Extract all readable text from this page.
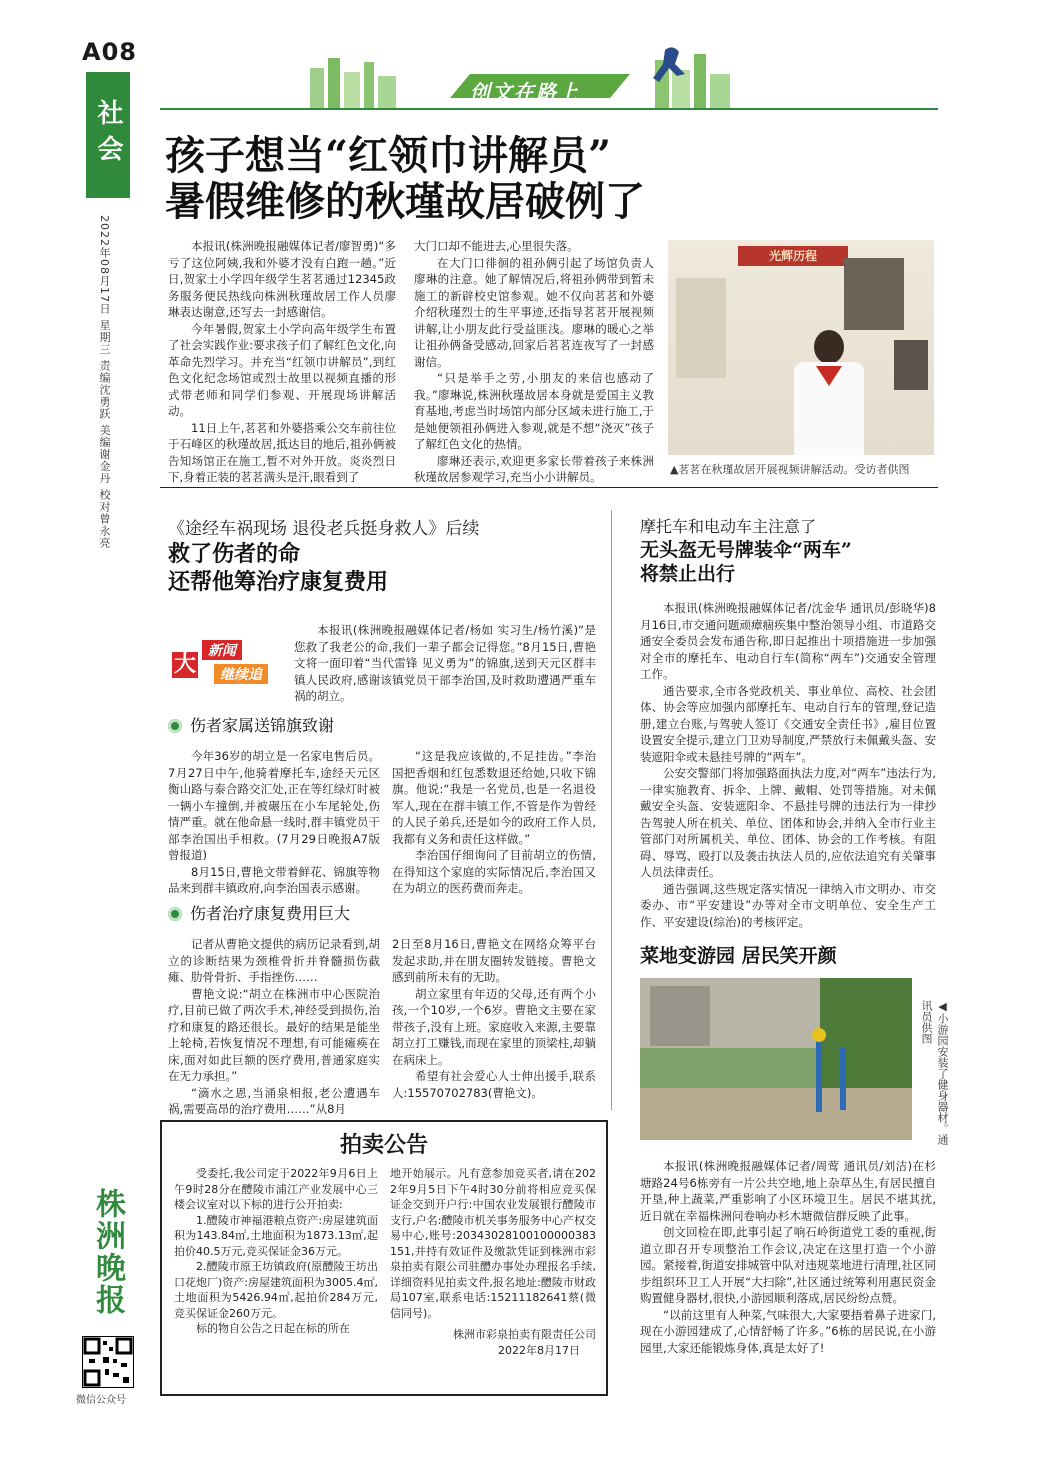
A08
社会
2022年08月17日 星期三 责编沈勇跃 美编谢金丹 校对曾永亮
株洲晚报
微信公众号
创文在路上
孩子想当“红领巾讲解员”
暑假维修的秋瑾故居破例了

本报讯(株洲晚报融媒体记者/廖智勇)“多亏了这位阿姨,我和外婆才没有白跑一趟。”近日,贺家土小学四年级学生茗茗通过12345政务服务便民热线向株洲秋瑾故居工作人员廖琳表达谢意,还写去一封感谢信。

今年暑假,贺家土小学向高年级学生布置了社会实践作业:要求孩子们了解红色文化,向革命先烈学习。并充当“红领巾讲解员”,到红色文化纪念场馆或烈士故里以视频直播的形式带老师和同学们参观、开展现场讲解活动。

11日上午,茗茗和外婆搭乘公交车前往位于石峰区的秋瑾故居,抵达目的地后,祖孙俩被告知场馆正在施工,暂不对外开放。炎炎烈日下,身着正装的茗茗满头是汗,眼看到了

大门口却不能进去,心里很失落。

在大门口徘徊的祖孙俩引起了场馆负责人廖琳的注意。她了解情况后,将祖孙俩带到暂未施工的新辟校史馆参观。她不仅向茗茗和外婆介绍秋瑾烈士的生平事迹,还指导茗茗开展视频讲解,让小朋友此行受益匪浅。廖琳的暖心之举让祖孙俩备受感动,回家后茗茗连夜写了一封感谢信。

“只是举手之劳,小朋友的来信也感动了我。”廖琳说,株洲秋瑾故居本身就是爱国主义教育基地,考虑当时场馆内部分区域未进行施工,于是她便领祖孙俩进入参观,就是不想“浇灭”孩子了解红色文化的热情。

廖琳还表示,欢迎更多家长带着孩子来株洲秋瑾故居参观学习,充当小小讲解员。

光辉历程
▲茗茗在秋瑾故居开展视频讲解活动。受访者供图
《途经车祸现场 退役老兵挺身救人》后续
救了伤者的命
还帮他筹治疗康复费用
大
新闻
继续追

本报讯(株洲晚报融媒体记者/杨如 实习生/杨竹溪)“是您救了我老公的命,我们一辈子都会记得您。”8月15日,曹艳文将一面印着“当代雷锋 见义勇为”的锦旗,送到天元区群丰镇人民政府,感谢该镇党员干部李治国,及时救助遭遇严重车祸的胡立。

伤者家属送锦旗致谢

今年36岁的胡立是一名家电售后员。7月27日中午,他骑着摩托车,途经天元区衡山路与泰合路交汇处,正在等红绿灯时被一辆小车撞倒,并被碾压在小车尾轮处,伤情严重。就在他命悬一线时,群丰镇党员干部李治国出手相救。(7月29日晚报A7版曾报道)

8月15日,曹艳文带着鲜花、锦旗等物品来到群丰镇政府,向李治国表示感谢。

“这是我应该做的,不足挂齿。”李治国把香烟和红包悉数退还给她,只收下锦旗。他说:“我是一名党员,也是一名退役军人,现在在群丰镇工作,不管是作为曾经的人民子弟兵,还是如今的政府工作人员,我都有义务和责任这样做。”

李治国仔细询问了目前胡立的伤情,在得知这个家庭的实际情况后,李治国又在为胡立的医药费而奔走。

伤者治疗康复费用巨大

记者从曹艳文提供的病历记录看到,胡立的诊断结果为颈椎骨折并脊髓损伤截瘫、肋骨骨折、手指挫伤……

曹艳文说:“胡立在株洲市中心医院治疗,目前已做了两次手术,神经受到损伤,治疗和康复的路还很长。最好的结果是能坐上轮椅,若恢复情况不理想,有可能瘫痪在床,面对如此巨额的医疗费用,普通家庭实在无力承担。”

“滴水之恩,当涌泉相报,老公遭遇车祸,需要高昂的治疗费用……”从8月

2日至8月16日,曹艳文在网络众筹平台发起求助,并在朋友圈转发链接。曹艳文感到前所未有的无助。

胡立家里有年迈的父母,还有两个小孩,一个10岁,一个6岁。曹艳文主要在家带孩子,没有上班。家庭收入来源,主要靠胡立打工赚钱,而现在家里的顶梁柱,却躺在病床上。

希望有社会爱心人士伸出援手,联系人:15570702783(曹艳文)。

摩托车和电动车主注意了
无头盔无号牌装伞“两车”
将禁止出行

本报讯(株洲晚报融媒体记者/沈金华 通讯员/彭晓华)8月16日,市交通问题顽瘴痼疾集中整治领导小组、市道路交通安全委员会发布通告称,即日起推出十项措施进一步加强对全市的摩托车、电动自行车(简称“两车”)交通安全管理工作。

通告要求,全市各党政机关、事业单位、高校、社会团体、协会等应加强内部摩托车、电动自行车的管理,登记造册,建立台账,与驾驶人签订《交通安全责任书》,雇目位置设置安全提示,建立门卫劝导制度,严禁放行未佩戴头盔、安装遮阳伞或未悬挂号牌的“两车”。

公安交警部门将加强路面执法力度,对“两车”违法行为,一律实施教育、拆伞、上牌、戴帽、处罚等措施。对未佩戴安全头盔、安装遮阳伞、不悬挂号牌的违法行为一律抄告驾驶人所在机关、单位、团体和协会,并纳入全市行业主管部门对所属机关、单位、团体、协会的工作考核。有阻碍、辱骂、殴打以及袭击执法人员的,应依法追究有关肇事人员法律责任。

通告强调,这些规定落实情况一律纳入市文明办、市交委办、市“平安建设”办等对全市文明单位、安全生产工作、平安建设(综治)的考核评定。

菜地变游园 居民笑开颜
◀小游园安装了健身器材。通讯员供图

本报讯(株洲晚报融媒体记者/周莺 通讯员/刘洁)在杉塘路24号6栋旁有一片公共空地,地上杂草丛生,有居民擅自开垦,种上蔬菜,严重影响了小区环境卫生。居民不堪其扰,近日就在幸福株洲问卷响办杉木塘微信群反映了此事。

创文回检在即,此事引起了响石岭街道党工委的重视,街道立即召开专项整治工作会议,决定在这里打造一个小游园。紧接着,街道安排城管中队对违规菜地进行清理,社区同步组织环卫工人开展“大扫除”,社区通过统筹利用惠民资金购置健身器材,很快,小游园顺利落成,居民纷纷点赞。

“以前这里有人种菜,气味很大,大家要捂着鼻子进家门,现在小游园建成了,心情舒畅了许多。”6栋的居民说,在小游园里,大家还能锻炼身体,真是太好了!

拍卖公告

受委托,我公司定于2022年9月6日上午9时28分在醴陵市浦江产业发展中心三楼会议室对以下标的进行公开拍卖:

1.醴陵市神福港粮点资产:房屋建筑面积为143.84㎡,土地面积为1873.13㎡,起拍价40.5万元,竞买保证金36万元。

2.醴陵市原王坊镇政府(原醴陵王坊出口花炮厂)资产:房屋建筑面积为3005.4㎡,土地面积为5426.94㎡,起拍价284万元,竞买保证金260万元。

标的物自公告之日起在标的所在

地开始展示。凡有意参加竞买者,请在2022年9月5日下午4时30分前将相应竞买保证金交到开户行:中国农业发展银行醴陵市支行,户名:醴陵市机关事务服务中心产权交易中心,账号:20343028100100000383151,并持有效证件及缴款凭证到株洲市彩泉拍卖有限公司驻醴办事处办理报名手续,详细资料见拍卖文件,报名地址:醴陵市财政局107室,联系电话:15211182641蔡(微信同号)。

株洲市彩泉拍卖有限责任公司

2022年8月17日
